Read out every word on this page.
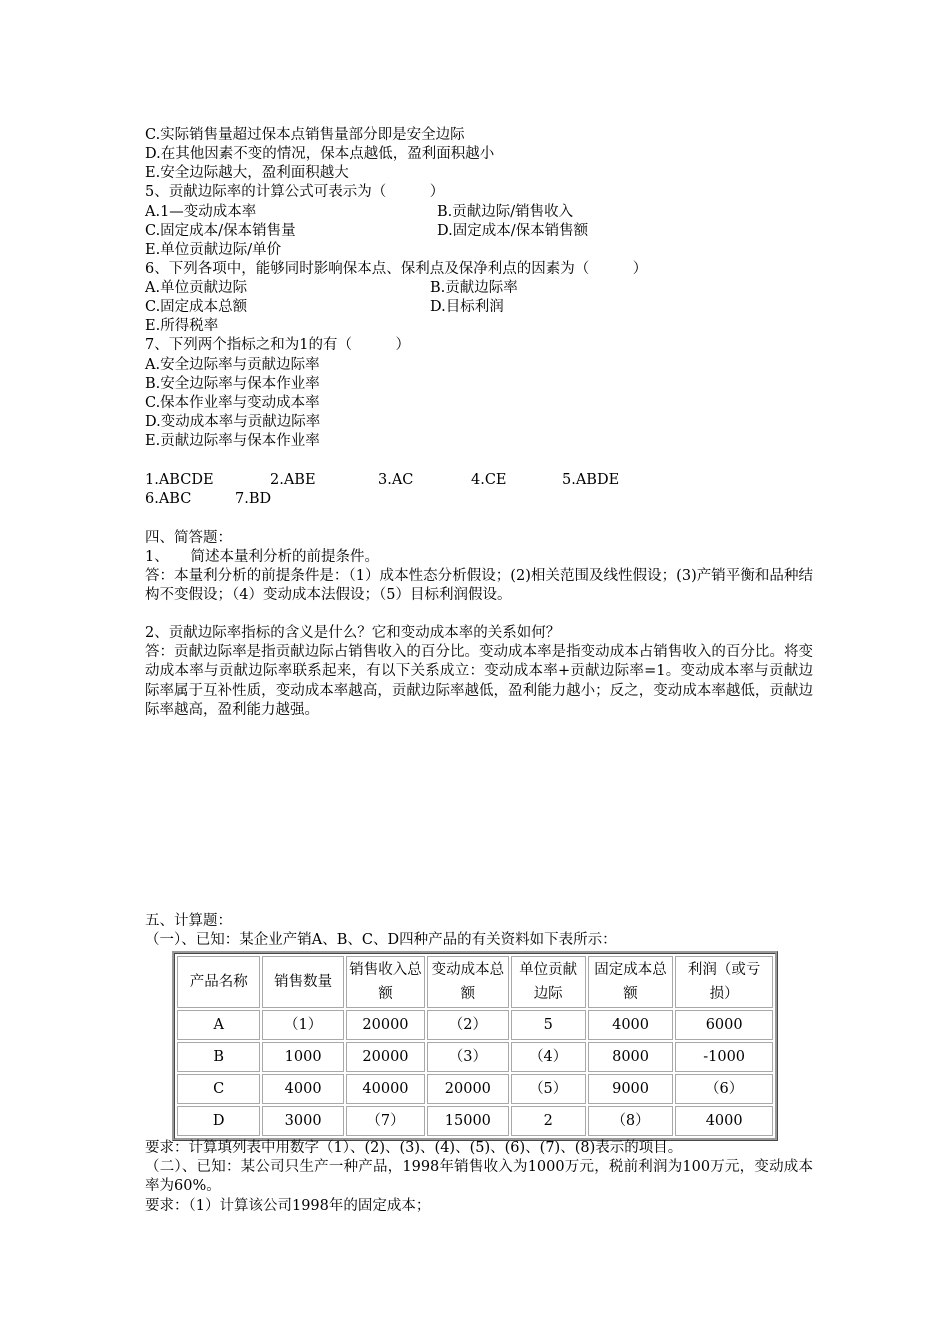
C.实际销售量超过保本点销售量部分即是安全边际
D.在其他因素不变的情况，保本点越低，盈利面积越小
E.安全边际越大，盈利面积越大
5、贡献边际率的计算公式可表示为（　　　）
A.1—变动成本率	B.贡献边际/销售收入
C.固定成本/保本销售量	D.固定成本/保本销售额
E.单位贡献边际/单价
6、下列各项中，能够同时影响保本点、保利点及保净利点的因素为（　　　）
A.单位贡献边际	B.贡献边际率
C.固定成本总额	D.目标利润
E.所得税率
7、下列两个指标之和为1的有（　　　）
A.安全边际率与贡献边际率
B.安全边际率与保本作业率
C.保本作业率与变动成本率
D.变动成本率与贡献边际率
E.贡献边际率与保本作业率
1.ABCDE	2.ABE	3.AC	4.CE	5.ABDE
6.ABC	7.BD
四、简答题：
1、　　简述本量利分析的前提条件。
答：本量利分析的前提条件是：（1）成本性态分析假设；(2)相关范围及线性假设；(3)产销平衡和品种结构不变假设；（4）变动成本法假设；（5）目标利润假设。
2、贡献边际率指标的含义是什么？它和变动成本率的关系如何？
答：贡献边际率是指贡献边际占销售收入的百分比。变动成本率是指变动成本占销售收入的百分比。将变动成本率与贡献边际率联系起来，有以下关系成立：变动成本率+贡献边际率=1。变动成本率与贡献边际率属于互补性质，变动成本率越高，贡献边际率越低，盈利能力越小；反之，变动成本率越低，贡献边际率越高，盈利能力越强。
五、计算题：
（一）、已知：某企业产销A、B、C、D四种产品的有关资料如下表所示：
产品名称	销售数量	销售收入总额	变动成本总额	单位贡献边际	固定成本总额	利润（或亏损）
A	（1）	20000	（2）	5	4000	6000
B	1000	20000	（3）	（4）	8000	-1000
C	4000	40000	20000	（5）	9000	（6）
D	3000	（7）	15000	2	（8）	4000
要求：计算填列表中用数字（1）、(2)、(3)、(4)、(5)、(6)、(7)、(8)表示的项目。
（二）、已知：某公司只生产一种产品，1998年销售收入为1000万元，税前利润为100万元，变动成本率为60%。
要求：（1）计算该公司1998年的固定成本；
